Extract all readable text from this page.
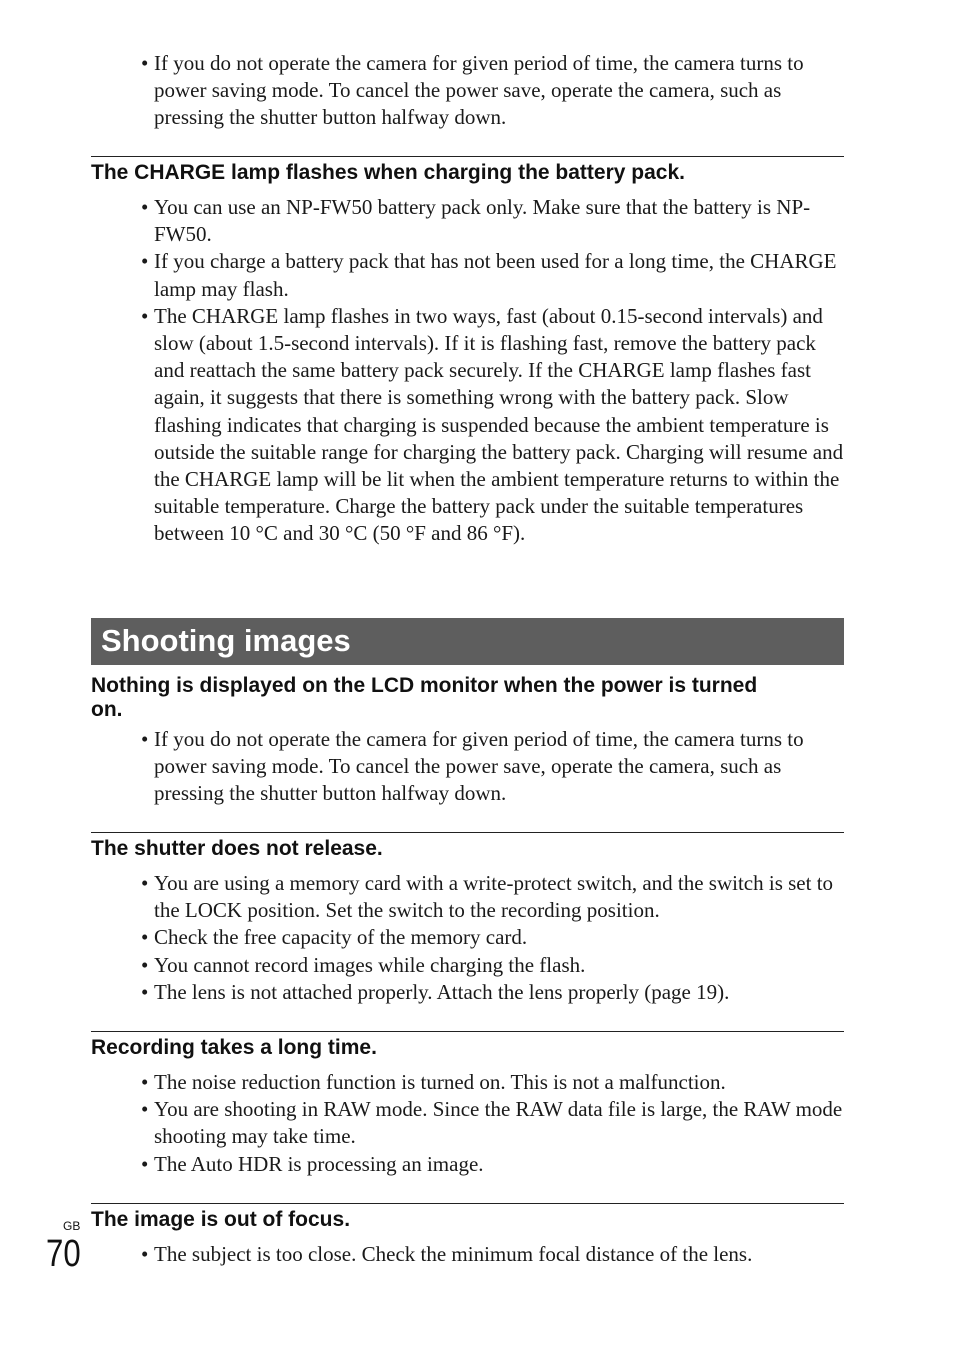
• If you do not operate the camera for given period of time, the camera turns to power saving mode. To cancel the power save, operate the camera, such as pressing the shutter button halfway down.
The CHARGE lamp flashes when charging the battery pack.
• You can use an NP-FW50 battery pack only. Make sure that the battery is NP-FW50.
• If you charge a battery pack that has not been used for a long time, the CHARGE lamp may flash.
• The CHARGE lamp flashes in two ways, fast (about 0.15-second intervals) and slow (about 1.5-second intervals). If it is flashing fast, remove the battery pack and reattach the same battery pack securely. If the CHARGE lamp flashes fast again, it suggests that there is something wrong with the battery pack. Slow flashing indicates that charging is suspended because the ambient temperature is outside the suitable range for charging the battery pack. Charging will resume and the CHARGE lamp will be lit when the ambient temperature returns to within the suitable temperature. Charge the battery pack under the suitable temperatures between 10 °C and 30 °C (50 °F and 86 °F).
Shooting images
Nothing is displayed on the LCD monitor when the power is turned on.
• If you do not operate the camera for given period of time, the camera turns to power saving mode. To cancel the power save, operate the camera, such as pressing the shutter button halfway down.
The shutter does not release.
• You are using a memory card with a write-protect switch, and the switch is set to the LOCK position. Set the switch to the recording position.
• Check the free capacity of the memory card.
• You cannot record images while charging the flash.
• The lens is not attached properly. Attach the lens properly (page 19).
Recording takes a long time.
• The noise reduction function is turned on. This is not a malfunction.
• You are shooting in RAW mode. Since the RAW data file is large, the RAW mode shooting may take time.
• The Auto HDR is processing an image.
The image is out of focus.
• The subject is too close. Check the minimum focal distance of the lens.
GB
70
